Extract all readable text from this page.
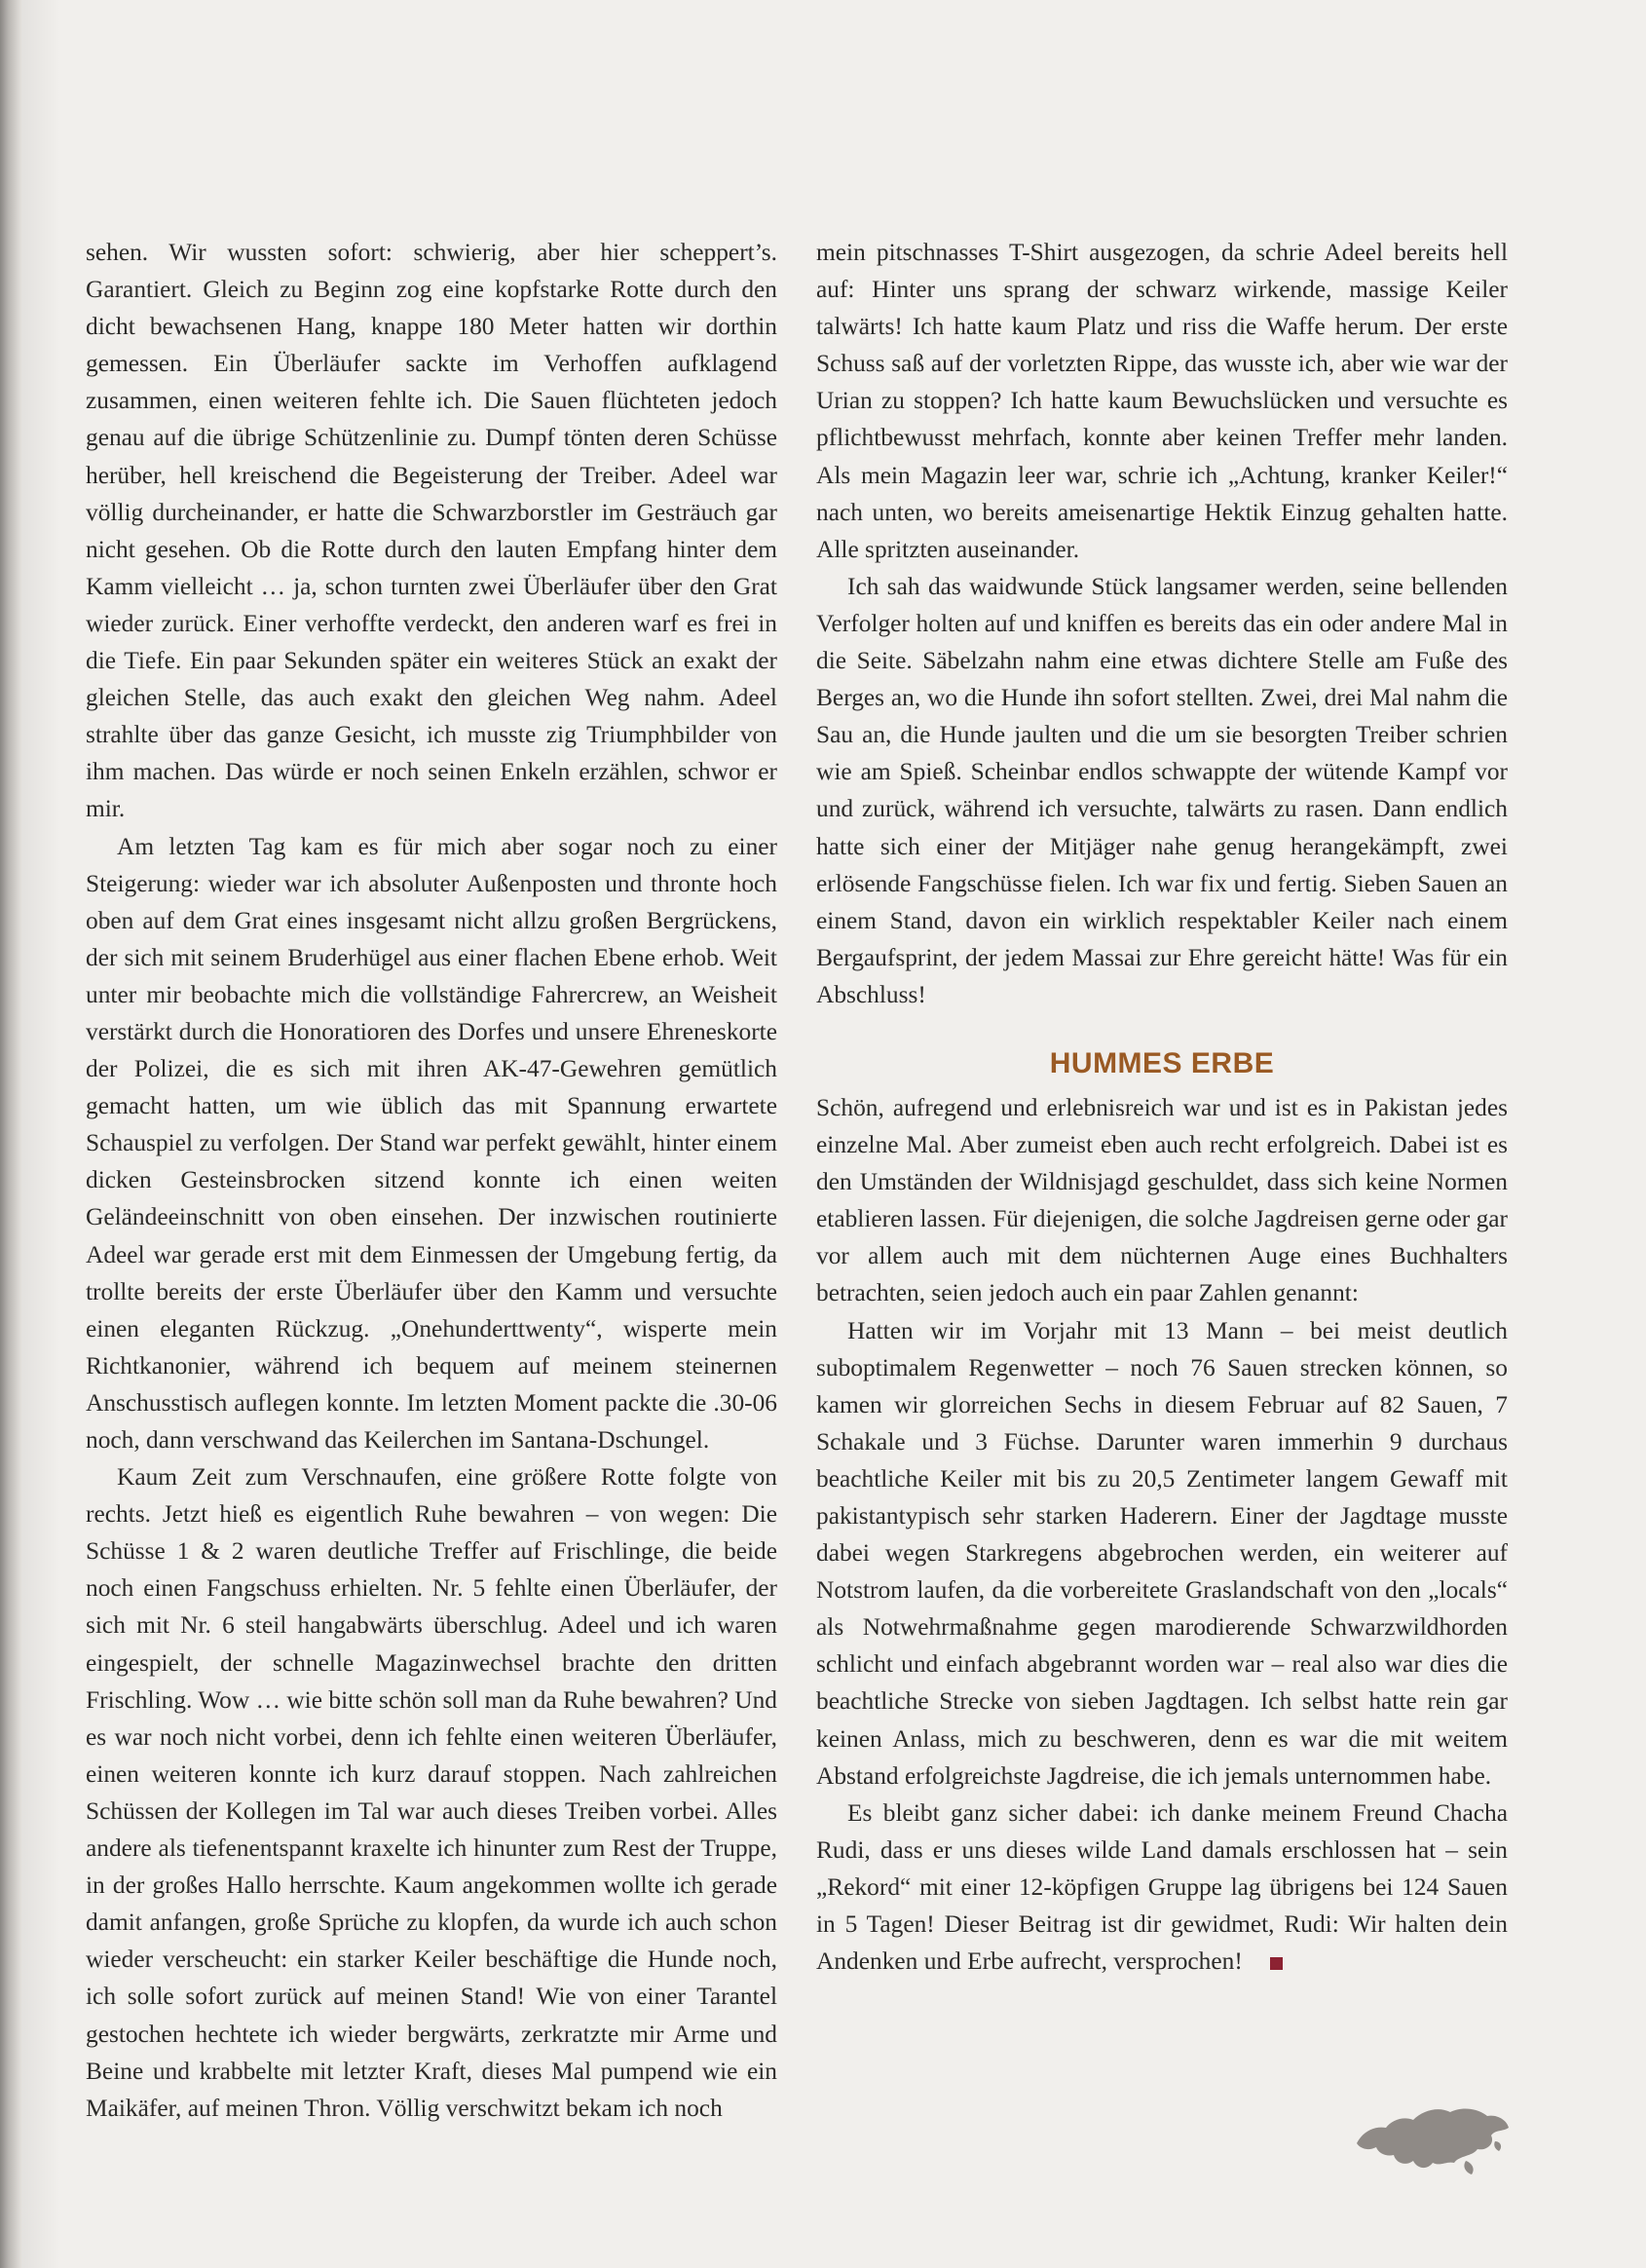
sehen. Wir wussten sofort: schwierig, aber hier scheppert’s. Garantiert. Gleich zu Beginn zog eine kopfstarke Rotte durch den dicht bewachsenen Hang, knappe 180 Meter hatten wir dorthin gemessen. Ein Überläufer sackte im Verhoffen aufklagend zusammen, einen weiteren fehlte ich. Die Sauen flüchteten jedoch genau auf die übrige Schützenlinie zu. Dumpf tönten deren Schüsse herüber, hell kreischend die Begeisterung der Treiber. Adeel war völlig durcheinander, er hatte die Schwarzborstler im Gesträuch gar nicht gesehen. Ob die Rotte durch den lauten Empfang hinter dem Kamm vielleicht … ja, schon turnten zwei Überläufer über den Grat wieder zurück. Einer verhoffte verdeckt, den anderen warf es frei in die Tiefe. Ein paar Sekunden später ein weiteres Stück an exakt der gleichen Stelle, das auch exakt den gleichen Weg nahm. Adeel strahlte über das ganze Gesicht, ich musste zig Triumphbilder von ihm machen. Das würde er noch seinen Enkeln erzählen, schwor er mir.

Am letzten Tag kam es für mich aber sogar noch zu einer Steigerung: wieder war ich absoluter Außenposten und thronte hoch oben auf dem Grat eines insgesamt nicht allzu großen Bergrückens, der sich mit seinem Bruderhügel aus einer flachen Ebene erhob. Weit unter mir beobachte mich die vollständige Fahrercrew, an Weisheit verstärkt durch die Honoratioren des Dorfes und unsere Ehreneskorte der Polizei, die es sich mit ihren AK-47-Gewehren gemütlich gemacht hatten, um wie üblich das mit Spannung erwartete Schauspiel zu verfolgen. Der Stand war perfekt gewählt, hinter einem dicken Gesteinsbrocken sitzend konnte ich einen weiten Geländeeinschnitt von oben einsehen. Der inzwischen routinierte Adeel war gerade erst mit dem Einmessen der Umgebung fertig, da trollte bereits der erste Überläufer über den Kamm und versuchte einen eleganten Rückzug. „Onehunderttwenty“, wisperte mein Richtkanonier, während ich bequem auf meinem steinernen Anschusstisch auflegen konnte. Im letzten Moment packte die .30-06 noch, dann verschwand das Keilerchen im Santana-Dschungel.

Kaum Zeit zum Verschnaufen, eine größere Rotte folgte von rechts. Jetzt hieß es eigentlich Ruhe bewahren – von wegen: Die Schüsse 1 & 2 waren deutliche Treffer auf Frischlinge, die beide noch einen Fangschuss erhielten. Nr. 5 fehlte einen Überläufer, der sich mit Nr. 6 steil hangabwärts überschlug. Adeel und ich waren eingespielt, der schnelle Magazinwechsel brachte den dritten Frischling. Wow … wie bitte schön soll man da Ruhe bewahren? Und es war noch nicht vorbei, denn ich fehlte einen weiteren Überläufer, einen weiteren konnte ich kurz darauf stoppen. Nach zahlreichen Schüssen der Kollegen im Tal war auch dieses Treiben vorbei. Alles andere als tiefenentspannt kraxelte ich hinunter zum Rest der Truppe, in der großes Hallo herrschte. Kaum angekommen wollte ich gerade damit anfangen, große Sprüche zu klopfen, da wurde ich auch schon wieder verscheucht: ein starker Keiler beschäftige die Hunde noch, ich solle sofort zurück auf meinen Stand! Wie von einer Tarantel gestochen hechtete ich wieder bergwärts, zerkratzte mir Arme und Beine und krabbelte mit letzter Kraft, dieses Mal pumpend wie ein Maikäfer, auf meinen Thron. Völlig verschwitzt bekam ich noch

mein pitschnasses T-Shirt ausgezogen, da schrie Adeel bereits hell auf: Hinter uns sprang der schwarz wirkende, massige Keiler talwärts! Ich hatte kaum Platz und riss die Waffe herum. Der erste Schuss saß auf der vorletzten Rippe, das wusste ich, aber wie war der Urian zu stoppen? Ich hatte kaum Bewuchslücken und versuchte es pflichtbewusst mehrfach, konnte aber keinen Treffer mehr landen. Als mein Magazin leer war, schrie ich „Achtung, kranker Keiler!“ nach unten, wo bereits ameisenartige Hektik Einzug gehalten hatte. Alle spritzten auseinander.

Ich sah das waidwunde Stück langsamer werden, seine bellenden Verfolger holten auf und kniffen es bereits das ein oder andere Mal in die Seite. Säbelzahn nahm eine etwas dichtere Stelle am Fuße des Berges an, wo die Hunde ihn sofort stellten. Zwei, drei Mal nahm die Sau an, die Hunde jaulten und die um sie besorgten Treiber schrien wie am Spieß. Scheinbar endlos schwappte der wütende Kampf vor und zurück, während ich versuchte, talwärts zu rasen. Dann endlich hatte sich einer der Mitjäger nahe genug herangekämpft, zwei erlösende Fangschüsse fielen. Ich war fix und fertig. Sieben Sauen an einem Stand, davon ein wirklich respektabler Keiler nach einem Bergaufsprint, der jedem Massai zur Ehre gereicht hätte! Was für ein Abschluss!

HUMMES ERBE

Schön, aufregend und erlebnisreich war und ist es in Pakistan jedes einzelne Mal. Aber zumeist eben auch recht erfolgreich. Dabei ist es den Umständen der Wildnisjagd geschuldet, dass sich keine Normen etablieren lassen. Für diejenigen, die solche Jagdreisen gerne oder gar vor allem auch mit dem nüchternen Auge eines Buchhalters betrachten, seien jedoch auch ein paar Zahlen genannt:

Hatten wir im Vorjahr mit 13 Mann – bei meist deutlich suboptimalem Regenwetter – noch 76 Sauen strecken können, so kamen wir glorreichen Sechs in diesem Februar auf 82 Sauen, 7 Schakale und 3 Füchse. Darunter waren immerhin 9 durchaus beachtliche Keiler mit bis zu 20,5 Zentimeter langem Gewaff mit pakistantypisch sehr starken Haderern. Einer der Jagdtage musste dabei wegen Starkregens abgebrochen werden, ein weiterer auf Notstrom laufen, da die vorbereitete Graslandschaft von den „locals“ als Notwehrmaßnahme gegen marodierende Schwarzwildhorden schlicht und einfach abgebrannt worden war – real also war dies die beachtliche Strecke von sieben Jagdtagen. Ich selbst hatte rein gar keinen Anlass, mich zu beschweren, denn es war die mit weitem Abstand erfolgreichste Jagdreise, die ich jemals unternommen habe.

Es bleibt ganz sicher dabei: ich danke meinem Freund Chacha Rudi, dass er uns dieses wilde Land damals erschlossen hat – sein „Rekord“ mit einer 12-köpfigen Gruppe lag übrigens bei 124 Sauen in 5 Tagen! Dieser Beitrag ist dir gewidmet, Rudi: Wir halten dein Andenken und Erbe aufrecht, versprochen!
